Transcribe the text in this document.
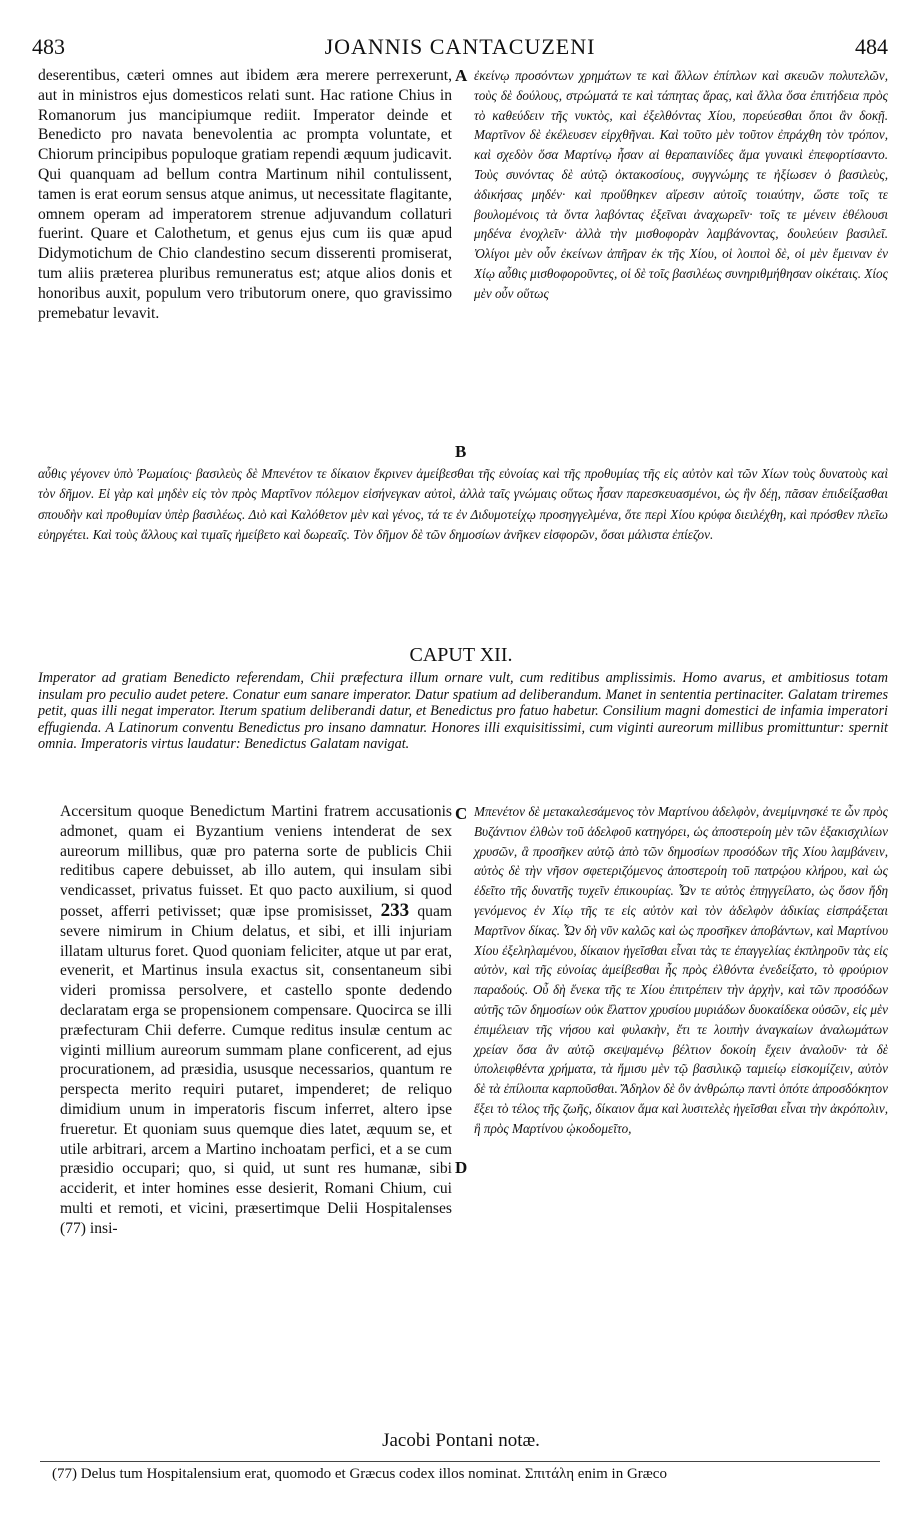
483	JOANNIS CANTACUZENI	484
deserentibus, cæteri omnes aut ibidem æra merere perrexerunt, aut in ministros ejus domesticos relati sunt. Hac ratione Chius in Romanorum jus mancipiumque rediit. Imperator deinde et Benedicto pro navata benevolentia ac prompta voluntate, et Chiorum principibus populoque gratiam rependi æquum judicavit. Qui quanquam ad bellum contra Martinum nihil contulissent, tamen is erat eorum sensus atque animus, ut necessitate flagitante, omnem operam ad imperatorem strenue adjuvandum collaturi fuerint. Quare et Calothetum, et genus ejus cum iis quæ apud Didymotichum de Chio clandestino secum disserenti promiserat, tum aliis præterea pluribus remuneratus est; atque alios donis et honoribus auxit, populum vero tributorum onere, quo gravissimo premebatur levavit.
A ἐκείνῳ προσόντων χρημάτων τε καὶ ἄλλων ἐπίπλων καὶ σκευῶν πολυτελῶν, τοὺς δὲ δούλους, στρώματά τε καὶ τάπητας ἄρας, καὶ ἄλλα ὅσα ἐπιτήδεια πρὸς τὸ καθεύδειν τῆς νυκτὸς, καὶ ἐξελθόντας Χίου, πορεύεσθαι ὅποι ἂν δοκῇ. Μαρτῖνον δὲ ἐκέλευσεν εἱρχθῆναι. Καὶ τοῦτο μὲν τοῦτον ἐπράχθη τὸν τρόπον, καὶ σχεδὸν ὅσα Μαρτίνῳ ἦσαν αἱ θεραπαινίδες ἅμα γυναικὶ ἐπεφορτίσαντο. Τοὺς συνόντας δὲ αὐτῷ ὀκτακοσίους, συγγνώμης τε ἠξίωσεν ὁ βασιλεὺς, ἀδικήσας μηδέν· καὶ προὔθηκεν αἵρεσιν αὐτοῖς τοιαύτην, ὥστε τοῖς τε βουλομένοις τὰ ὄντα λαβόντας ἐξεῖναι ἀναχωρεῖν· τοῖς τε μένειν ἐθέλουσι μηδένα ἐνοχλεῖν· ἀλλὰ τὴν μισθοφορὰν λαμβάνοντας, δουλεύειν βασιλεῖ. Ὀλίγοι μὲν οὖν ἐκείνων ἀπῆραν ἐκ τῆς Χίου, οἱ λοιποὶ δὲ, οἱ μὲν ἔμειναν ἐν Χίῳ αὖθις μισθοφοροῦντες, οἱ δὲ τοῖς βασιλέως συνηριθμήθησαν οἰκέταις. Χίος μὲν οὖν οὕτως
B
αὖθις γέγονεν ὑπὸ Ῥωμαίοις· βασιλεὺς δὲ Μπενέτον τε δίκαιον ἔκρινεν ἀμείβεσθαι τῆς εὐνοίας καὶ τῆς προθυμίας τῆς εἰς αὐτὸν καὶ τῶν Χίων τοὺς δυνατοὺς καὶ τὸν δῆμον. Εἰ γὰρ καὶ μηδὲν εἰς τὸν πρὸς Μαρτῖνον πόλεμον εἰσήνεγκαν αὐτοὶ, ἀλλὰ ταῖς γνώμαις οὕτως ἦσαν παρεσκευασμένοι, ὡς ἣν δέῃ, πᾶσαν ἐπιδείξασθαι σπουδὴν καὶ προθυμίαν ὑπὲρ βασιλέως. Διὸ καὶ Καλόθετον μὲν καὶ γένος, τά τε ἐν Διδυμοτείχῳ προσηγγελμένα, ὅτε περὶ Χίου κρύφα διειλέχθη, καὶ πρόσθεν πλεῖω εὐηργέτει. Καὶ τοὺς ἄλλους καὶ τιμαῖς ἠμείβετο καὶ δωρεαῖς. Τὸν δῆμον δὲ τῶν δημοσίων ἀνῆκεν εἰσφορῶν, ὅσαι μάλιστα ἐπίεζον.
CAPUT XII.
Imperator ad gratiam Benedicto referendam, Chii præfectura illum ornare vult, cum reditibus amplissimis. Homo avarus, et ambitiosus totam insulam pro peculio audet petere. Conatur eum sanare imperator. Datur spatium ad deliberandum. Manet in sententia pertinaciter. Galatam triremes petit, quas illi negat imperator. Iterum spatium deliberandi datur, et Benedictus pro fatuo habetur. Consilium magni domestici de infamia imperatori effugienda. A Latinorum conventu Benedictus pro insano damnatur. Honores illi exquisitissimi, cum viginti aureorum millibus promittuntur: spernit omnia. Imperatoris virtus laudatur: Benedictus Galatam navigat.
Accersitum quoque Benedictum Martini fratrem accusationis admonet, quam ei Byzantium veniens intenderat de sex aureorum millibus, quæ pro paterna sorte de publicis Chii reditibus capere debuisset, ab illo autem, qui insulam sibi vendicasset, privatus fuisset. Et quo pacto auxilium, si quod posset, afferri petivisset; quæ ipse promisisset, 233 quam severe nimirum in Chium delatus, et sibi, et illi injuriam illatam ulturus foret. Quod quoniam feliciter, atque ut par erat, evenerit, et Martinus insula exactus sit, consentaneum sibi videri promissa persolvere, et castello sponte dedendo declaratam erga se propensionem compensare. Quocirca se illi præfecturam Chii deferre. Cumque reditus insulæ centum ac viginti millium aureorum summam plane conficerent, ad ejus procurationem, ad præsidia, ususque necessarios, quantum re perspecta merito requiri putaret, impenderet; de reliquo dimidium unum in imperatoris fiscum inferret, altero ipse frueretur. Et quoniam suus quemque dies latet, æquum se, et utile arbitrari, arcem a Martino inchoatam perfici, et a se cum præsidio occupari; quo, si quid, ut sunt res humanæ, sibi acciderit, et inter homines esse desierit, Romani Chium, cui multi et remoti, et vicini, præsertimque Delii Hospitalenses (77) insi-
C Μπενέτον δὲ μετακαλεσάμενος τὸν Μαρτίνου ἀδελφὸν, ἀνεμίμνησκέ τε ὧν πρὸς Βυζάντιον ἐλθὼν τοῦ ἀδελφοῦ κατηγόρει, ὡς ἀποστεροίη μὲν τῶν ἑξακισχιλίων χρυσῶν, ἃ προσῆκεν αὐτῷ ἀπὸ τῶν δημοσίων προσόδων τῆς Χίου λαμβάνειν, αὐτὸς δὲ τὴν νῆσον σφετεριζόμενος ἀποστεροίη τοῦ πατρῴου κλήρου, καὶ ὡς ἐδεῖτο τῆς δυνατῆς τυχεῖν ἐπικουρίας. Ὧν τε αὐτὸς ἐπηγγείλατο, ὡς ὅσον ἤδη γενόμενος ἐν Χίῳ τῆς τε εἰς αὐτὸν καὶ τὸν ἀδελφὸν ἀδικίας εἰσπράξεται Μαρτῖνον δίκας. Ὧν δὴ νῦν καλῶς καὶ ὡς προσῆκεν ἀποβάντων, καὶ Μαρτίνου Χίου ἐξεληλαμένου, δίκαιον ἡγεῖσθαι εἶναι τὰς τε ἐπαγγελίας ἐκπληροῦν τὰς εἰς αὐτὸν, καὶ τῆς εὐνοίας ἀμείβεσθαι ἧς πρὸς ἐλθόντα ἐνεδείξατο, τὸ φρούριον παραδούς. Οὗ δὴ ἕνεκα τῆς τε Χίου ἐπιτρέπειν τὴν ἀρχὴν, καὶ τῶν προσόδων αὐτῆς τῶν δημοσίων οὐκ ἔλαττον χρυσίου μυριάδων δυοκαίδεκα οὐσῶν, εἰς μὲν ἐπιμέλειαν τῆς νήσου καὶ φυλακὴν, ἔτι τε λοιπὴν ἀναγκαίων ἀναλωμάτων χρείαν ὅσα ἂν αὐτῷ σκεψαμένῳ βέλτιον δοκοίη ἔχειν ἀναλοῦν· τὰ δὲ ὑπολειφθέντα χρήματα, τὰ ἥμισυ μὲν τῷ βασιλικῷ ταμιείῳ εἰσκομίζειν, αὐτὸν δὲ τὰ ἐπίλοιπα καρποῦσθαι. Ἄδηλον δὲ ὂν ἀνθρώπῳ παντὶ ὁπότε ἀπροσδόκητον ἕξει τὸ τέλος τῆς ζωῆς, δίκαιον ἅμα καὶ λυσιτελὲς ἡγεῖσθαι εἶναι τὴν ἀκρόπολιν, ἣ πρὸς Μαρτίνου ᾠκοδομεῖτο,
D
Jacobi Pontani notæ.
(77) Delus tum Hospitalensium erat, quomodo et Græcus codex illos nominat. Σπιτάλη enim in Græco
